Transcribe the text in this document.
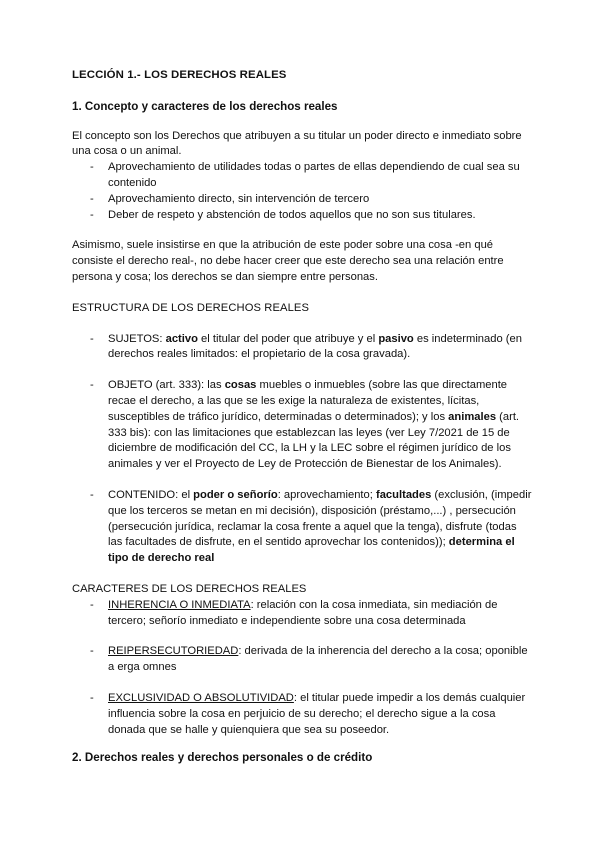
LECCIÓN 1.- LOS DERECHOS REALES
1. Concepto y caracteres de los derechos reales

El concepto son los Derechos que atribuyen a su titular un poder directo e inmediato sobre una cosa o un animal.

- Aprovechamiento de utilidades todas o partes de ellas dependiendo de cual sea su contenido
- Aprovechamiento directo, sin intervención de tercero
- Deber de respeto y abstención de todos aquellos que no son sus titulares.

Asimismo, suele insistirse en que la atribución de este poder sobre una cosa -en qué consiste el derecho real-, no debe hacer creer que este derecho sea una relación entre persona y cosa; los derechos se dan siempre entre personas.

ESTRUCTURA DE LOS DERECHOS REALES
- SUJETOS: activo el titular del poder que atribuye y el pasivo es indeterminado (en derechos reales limitados: el propietario de la cosa gravada).
- OBJETO (art. 333): las cosas muebles o inmuebles (sobre las que directamente recae el derecho, a las que se les exige la naturaleza de existentes, lícitas, susceptibles de tráfico jurídico, determinadas o determinados); y los animales (art. 333 bis): con las limitaciones que establezcan las leyes (ver Ley 7/2021 de 15 de diciembre de modificación del CC, la LH y la LEC sobre el régimen jurídico de los animales y ver el Proyecto de Ley de Protección de Bienestar de los Animales).
- CONTENIDO: el poder o señorío: aprovechamiento; facultades (exclusión, (impedir que los terceros se metan en mi decisión), disposición (préstamo,...) , persecución (persecución jurídica, reclamar la cosa frente a aquel que la tenga), disfrute (todas las facultades de disfrute, en el sentido aprovechar los contenidos)); determina el tipo de derecho real
CARACTERES DE LOS DERECHOS REALES
- INHERENCIA O INMEDIATA: relación con la cosa inmediata, sin mediación de tercero; señorío inmediato e independiente sobre una cosa determinada
- REIPERSECUTORIEDAD: derivada de la inherencia del derecho a la cosa; oponible a erga omnes
- EXCLUSIVIDAD O ABSOLUTIVIDAD: el titular puede impedir a los demás cualquier influencia sobre la cosa en perjuicio de su derecho; el derecho sigue a la cosa donada que se halle y quienquiera que sea su poseedor.
2. Derechos reales y derechos personales o de crédito
